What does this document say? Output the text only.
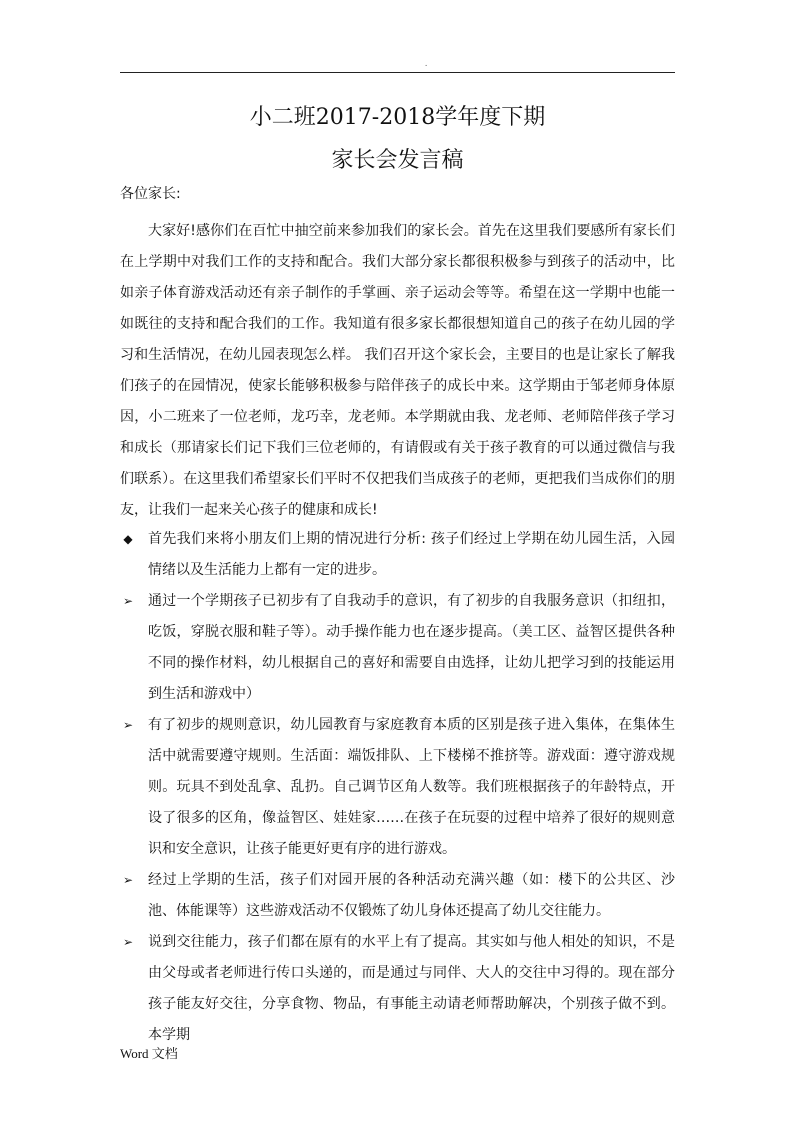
.
小二班2017-2018学年度下期
家长会发言稿
各位家长:
大家好!感你们在百忙中抽空前来参加我们的家长会。首先在这里我们要感所有家长们在上学期中对我们工作的支持和配合。我们大部分家长都很积极参与到孩子的活动中，比如亲子体育游戏活动还有亲子制作的手掌画、亲子运动会等等。希望在这一学期中也能一如既往的支持和配合我们的工作。我知道有很多家长都很想知道自己的孩子在幼儿园的学习和生活情况，在幼儿园表现怎么样。 我们召开这个家长会，主要目的也是让家长了解我们孩子的在园情况，使家长能够积极参与陪伴孩子的成长中来。这学期由于邹老师身体原因，小二班来了一位老师，龙巧幸，龙老师。本学期就由我、龙老师、老师陪伴孩子学习和成长（那请家长们记下我们三位老师的，有请假或有关于孩子教育的可以通过微信与我们联系）。在这里我们希望家长们平时不仅把我们当成孩子的老师，更把我们当成你们的朋友，让我们一起来关心孩子的健康和成长!
◆ 首先我们来将小朋友们上期的情况进行分析: 孩子们经过上学期在幼儿园生活，入园情绪以及生活能力上都有一定的进步。
➢ 通过一个学期孩子已初步有了自我动手的意识，有了初步的自我服务意识（扣纽扣，吃饭，穿脱衣服和鞋子等）。动手操作能力也在逐步提高。（美工区、益智区提供各种不同的操作材料，幼儿根据自己的喜好和需要自由选择，让幼儿把学习到的技能运用到生活和游戏中）
➢ 有了初步的规则意识，幼儿园教育与家庭教育本质的区别是孩子进入集体，在集体生活中就需要遵守规则。生活面：端饭排队、上下楼梯不推挤等。游戏面：遵守游戏规则。玩具不到处乱拿、乱扔。自己调节区角人数等。我们班根据孩子的年龄特点，开设了很多的区角，像益智区、娃娃家……在孩子在玩耍的过程中培养了很好的规则意识和安全意识，让孩子能更好更有序的进行游戏。
➢ 经过上学期的生活，孩子们对园开展的各种活动充满兴趣（如：楼下的公共区、沙池、体能课等）这些游戏活动不仅锻炼了幼儿身体还提高了幼儿交往能力。
➢ 说到交往能力，孩子们都在原有的水平上有了提高。其实如与他人相处的知识，不是由父母或者老师进行传口头递的，而是通过与同伴、大人的交往中习得的。现在部分孩子能友好交往，分享食物、物品，有事能主动请老师帮助解决，个别孩子做不到。本学期
Word 文档
